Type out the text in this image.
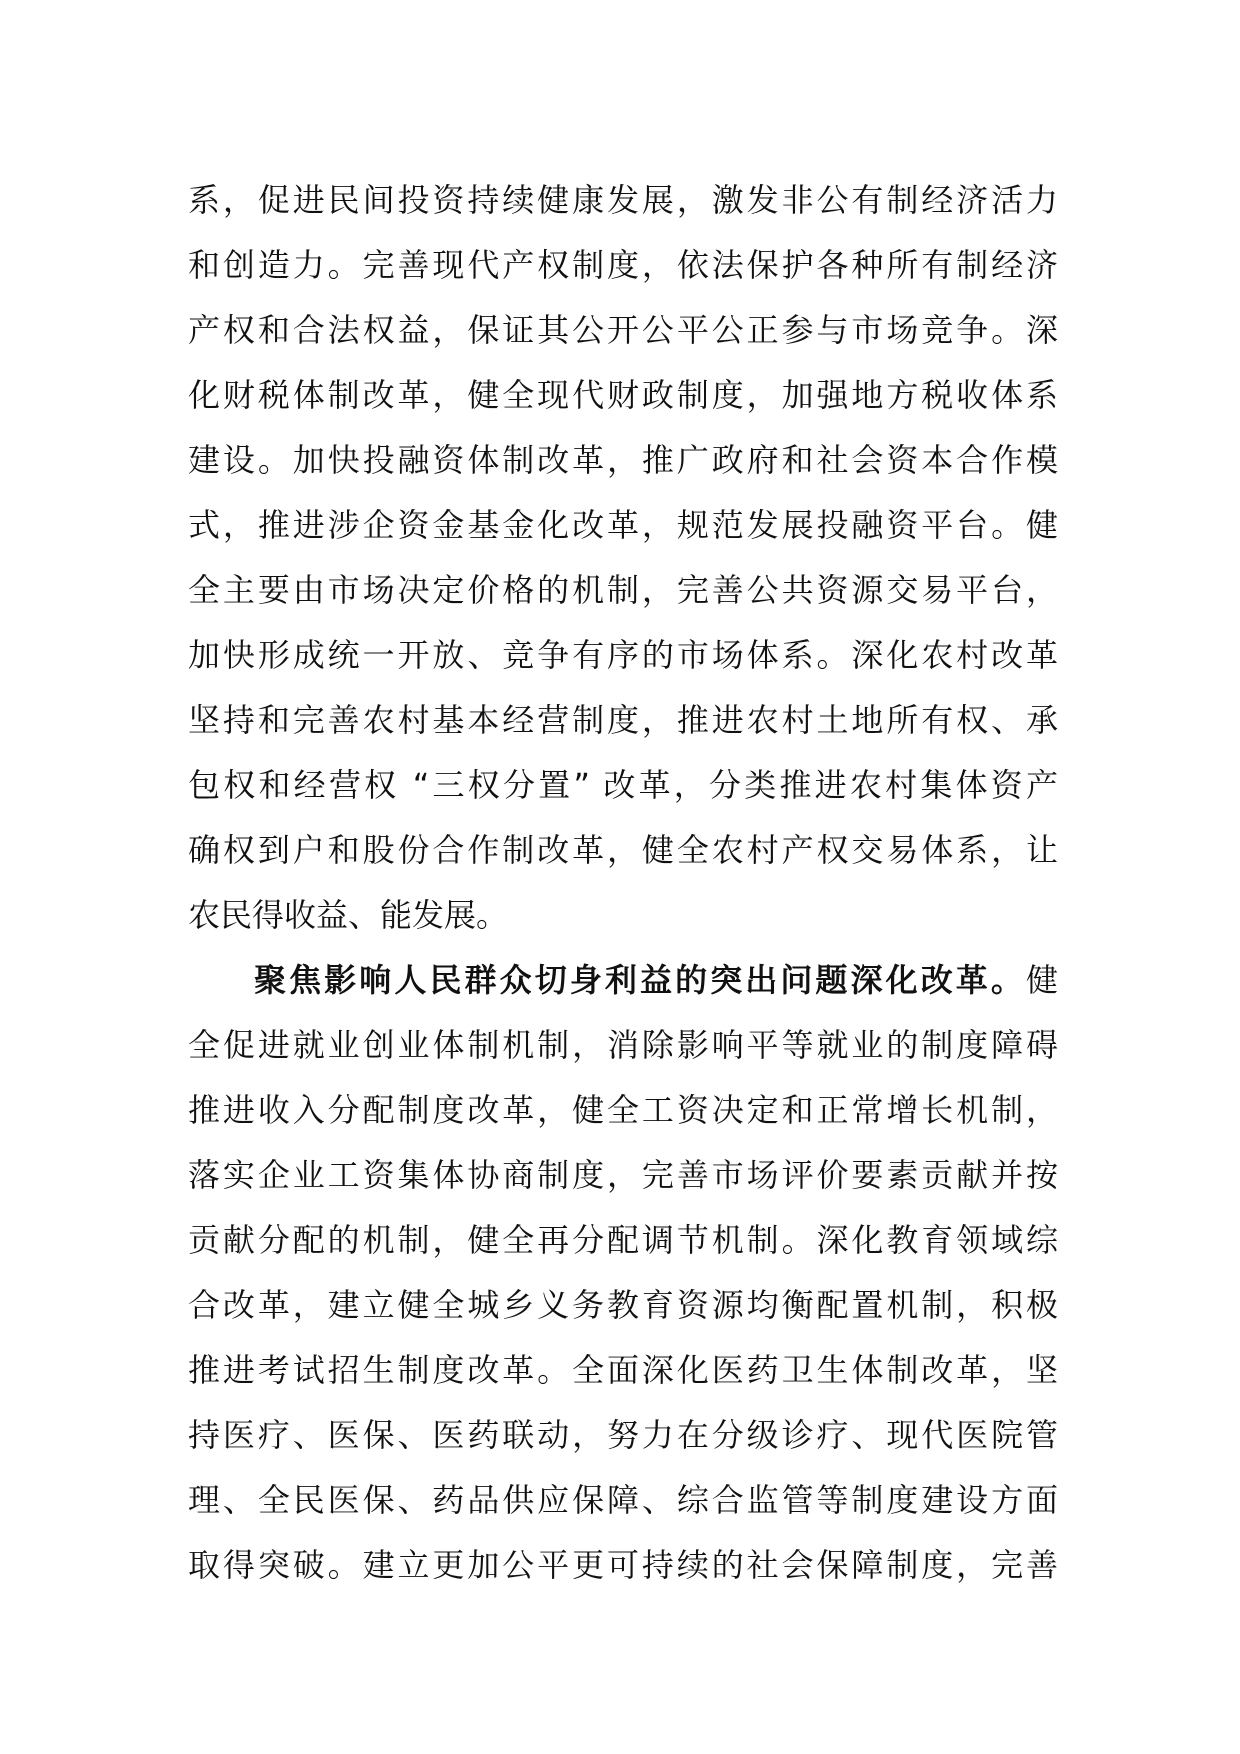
系，促进民间投资持续健康发展，激发非公有制经济活力
和创造力。完善现代产权制度，依法保护各种所有制经济
产权和合法权益，保证其公开公平公正参与市场竞争。深
化财税体制改革，健全现代财政制度，加强地方税收体系
建设。加快投融资体制改革，推广政府和社会资本合作模
式，推进涉企资金基金化改革，规范发展投融资平台。健
全主要由市场决定价格的机制，完善公共资源交易平台，
加快形成统一开放、竞争有序的市场体系。深化农村改革
坚持和完善农村基本经营制度，推进农村土地所有权、承
包权和经营权 “三权分置” 改革，分类推进农村集体资产
确权到户和股份合作制改革，健全农村产权交易体系，让
农民得收益、能发展。
聚焦影响人民群众切身利益的突出问题深化改革。健
全促进就业创业体制机制，消除影响平等就业的制度障碍
推进收入分配制度改革，健全工资决定和正常增长机制，
落实企业工资集体协商制度，完善市场评价要素贡献并按
贡献分配的机制，健全再分配调节机制。深化教育领域综
合改革，建立健全城乡义务教育资源均衡配置机制，积极
推进考试招生制度改革。全面深化医药卫生体制改革，坚
持医疗、医保、医药联动，努力在分级诊疗、现代医院管
理、全民医保、药品供应保障、综合监管等制度建设方面
取得突破。建立更加公平更可持续的社会保障制度，完善
